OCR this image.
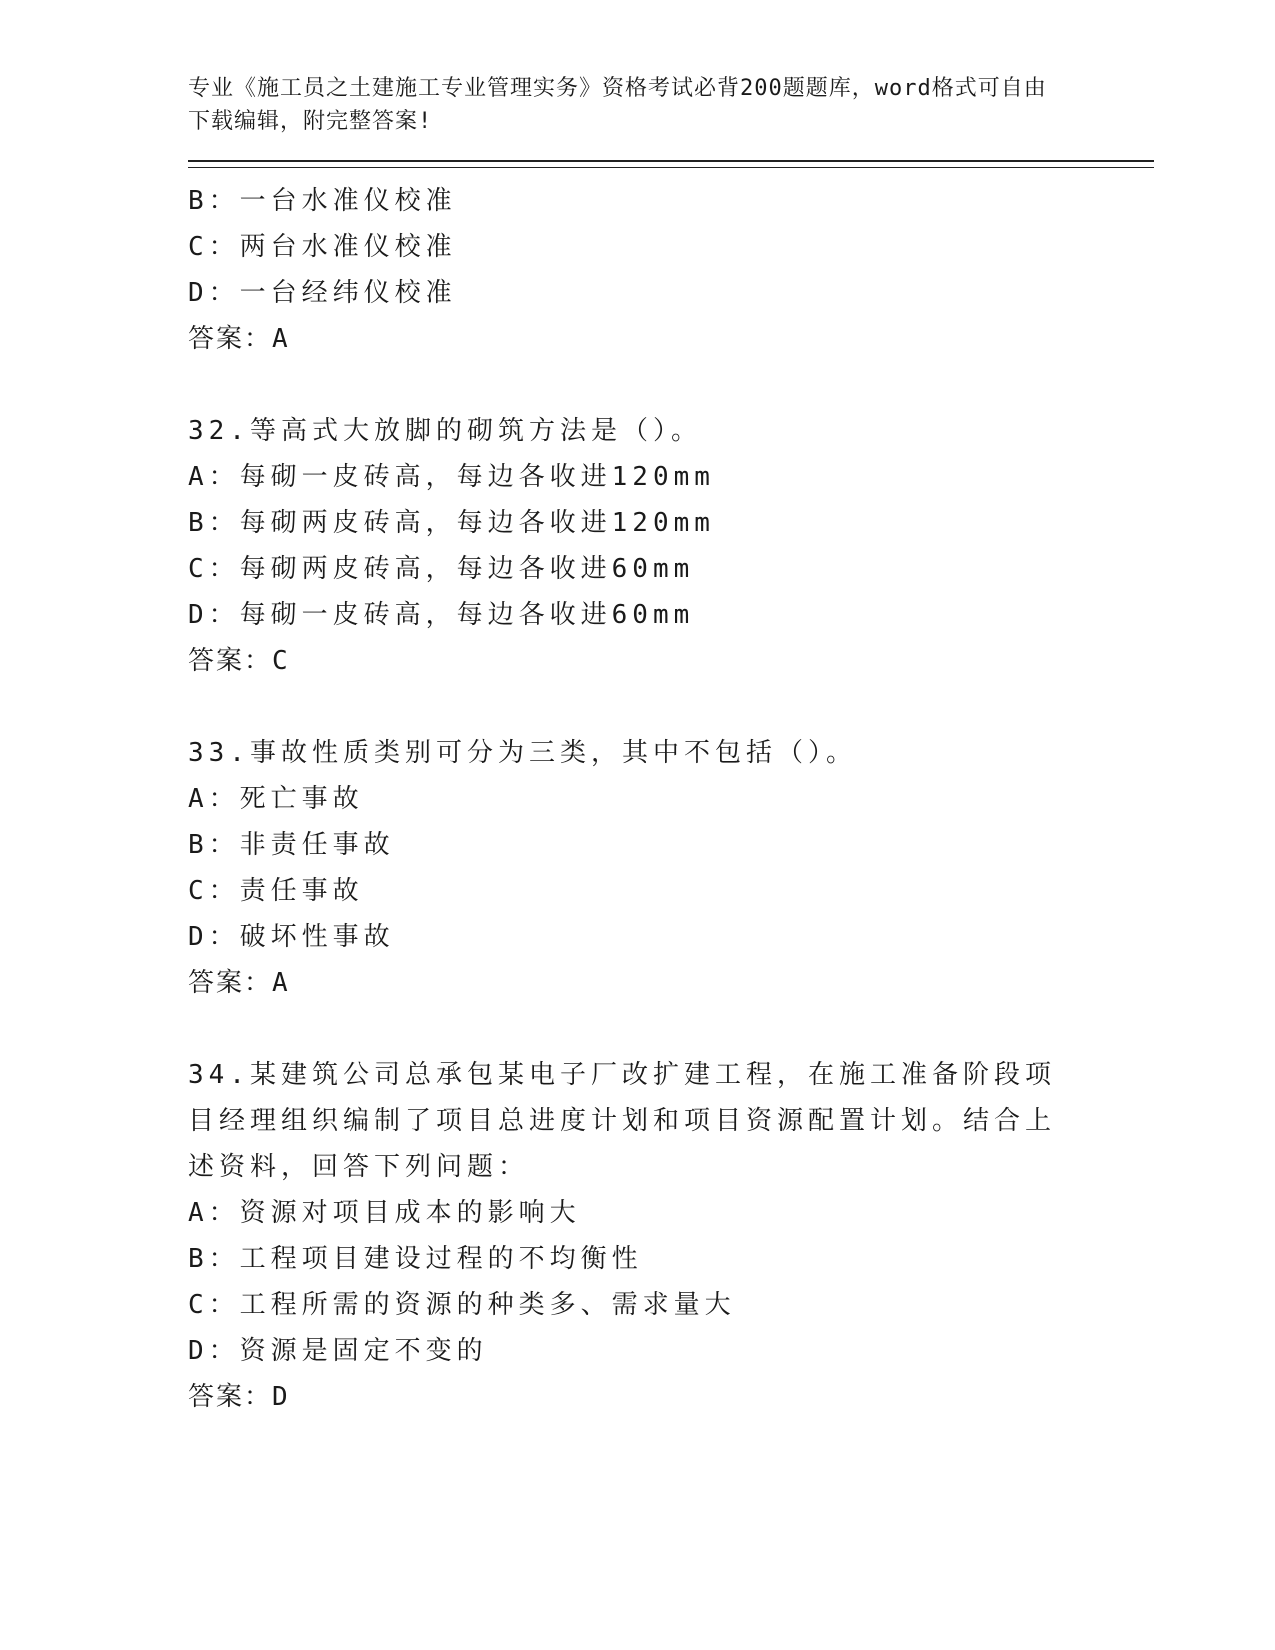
专业《施工员之土建施工专业管理实务》资格考试必背200题题库，word格式可自由下载编辑，附完整答案!

B：一台水准仪校准

C：两台水准仪校准

D：一台经纬仪校准

答案：A

32.等高式大放脚的砌筑方法是（）。

A：每砌一皮砖高，每边各收进120mm

B：每砌两皮砖高，每边各收进120mm

C：每砌两皮砖高，每边各收进60mm

D：每砌一皮砖高，每边各收进60mm

答案：C

33.事故性质类别可分为三类，其中不包括（）。

A：死亡事故

B：非责任事故

C：责任事故

D：破坏性事故

答案：A

34.某建筑公司总承包某电子厂改扩建工程，在施工准备阶段项目经理组织编制了项目总进度计划和项目资源配置计划。结合上述资料，回答下列问题：

A：资源对项目成本的影响大

B：工程项目建设过程的不均衡性

C：工程所需的资源的种类多、需求量大

D：资源是固定不变的

答案：D
